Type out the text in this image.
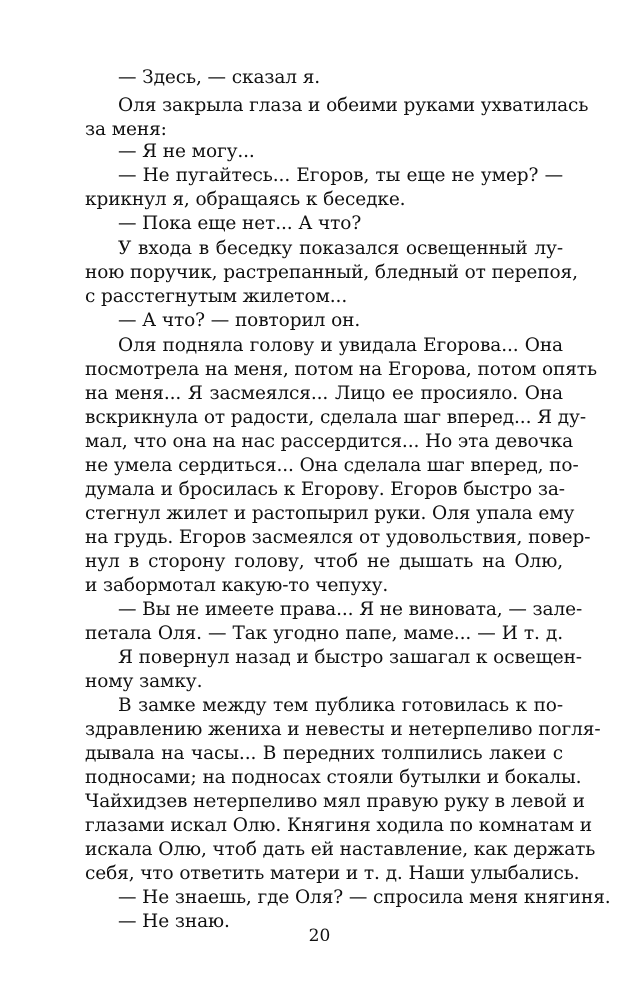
— Здесь, — сказал я.

Оля закрыла глаза и обеими руками ухватилась

за меня:

— Я не могу...

— Не пугайтесь... Егоров, ты еще не умер? —

крикнул я, обращаясь к беседке.

— Пока еще нет... А что?

У входа в беседку показался освещенный лу-

ною поручик, растрепанный, бледный от перепоя,

с расстегнутым жилетом...

— А что? — повторил он.

Оля подняла голову и увидала Егорова... Она

посмотрела на меня, потом на Егорова, потом опять

на меня... Я засмеялся... Лицо ее просияло. Она

вскрикнула от радости, сделала шаг вперед... Я ду-

мал, что она на нас рассердится... Но эта девочка

не умела сердиться... Она сделала шаг вперед, по-

думала и бросилась к Егорову. Егоров быстро за-

стегнул жилет и растопырил руки. Оля упала ему

на грудь. Егоров засмеялся от удовольствия, повер-

нул в сторону голову, чтоб не дышать на Олю,

и забормотал какую-то чепуху.

— Вы не имеете права... Я не виновата, — зале-

петала Оля. — Так угодно папе, маме... — И т. д.

Я повернул назад и быстро зашагал к освещен-

ному замку.

В замке между тем публика готовилась к по-

здравлению жениха и невесты и нетерпеливо погля-

дывала на часы... В передних толпились лакеи с

подносами; на подносах стояли бутылки и бокалы.

Чайхидзев нетерпеливо мял правую руку в левой и

глазами искал Олю. Княгиня ходила по комнатам и

искала Олю, чтоб дать ей наставление, как держать

себя, что ответить матери и т. д. Наши улыбались.

— Не знаешь, где Оля? — спросила меня княгиня.

— Не знаю.

20
